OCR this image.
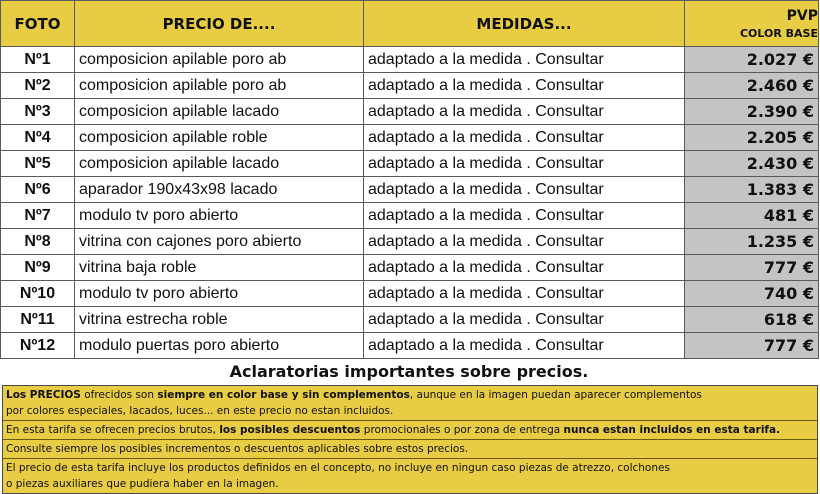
FOTO	PRECIO DE....	MEDIDAS...	PVP
COLOR BASE

Nº1	composicion apilable poro ab	adaptado a la medida . Consultar	2.027 €
Nº2	composicion apilable poro ab	adaptado a la medida . Consultar	2.460 €
Nº3	composicion apilable lacado	adaptado a la medida . Consultar	2.390 €
Nº4	composicion apilable roble	adaptado a la medida . Consultar	2.205 €
Nº5	composicion apilable lacado	adaptado a la medida . Consultar	2.430 €
Nº6	aparador 190x43x98 lacado	adaptado a la medida . Consultar	1.383 €
Nº7	modulo tv poro abierto	adaptado a la medida . Consultar	481 €
Nº8	vitrina con cajones poro abierto	adaptado a la medida . Consultar	1.235 €
Nº9	vitrina baja roble	adaptado a la medida . Consultar	777 €
Nº10	modulo tv poro abierto	adaptado a la medida . Consultar	740 €
Nº11	vitrina estrecha roble	adaptado a la medida . Consultar	618 €
Nº12	modulo puertas poro abierto	adaptado a la medida . Consultar	777 €
Aclaratorias importantes sobre precios.
Los PRECIOS ofrecidos son siempre en color base y sin complementos, aunque en la imagen puedan aparecer complementos
por colores especiales, lacados, luces... en este precio no estan incluidos.
En esta tarifa se ofrecen precios brutos, los posibles descuentos promocionales o por zona de entrega nunca estan incluidos en esta tarifa.
Consulte siempre los posibles incrementos o descuentos aplicables sobre estos precios.
El precio de esta tarifa incluye los productos definidos en el concepto, no incluye en ningun caso piezas de atrezzo, colchones
o piezas auxiliares que pudiera haber en la imagen.
